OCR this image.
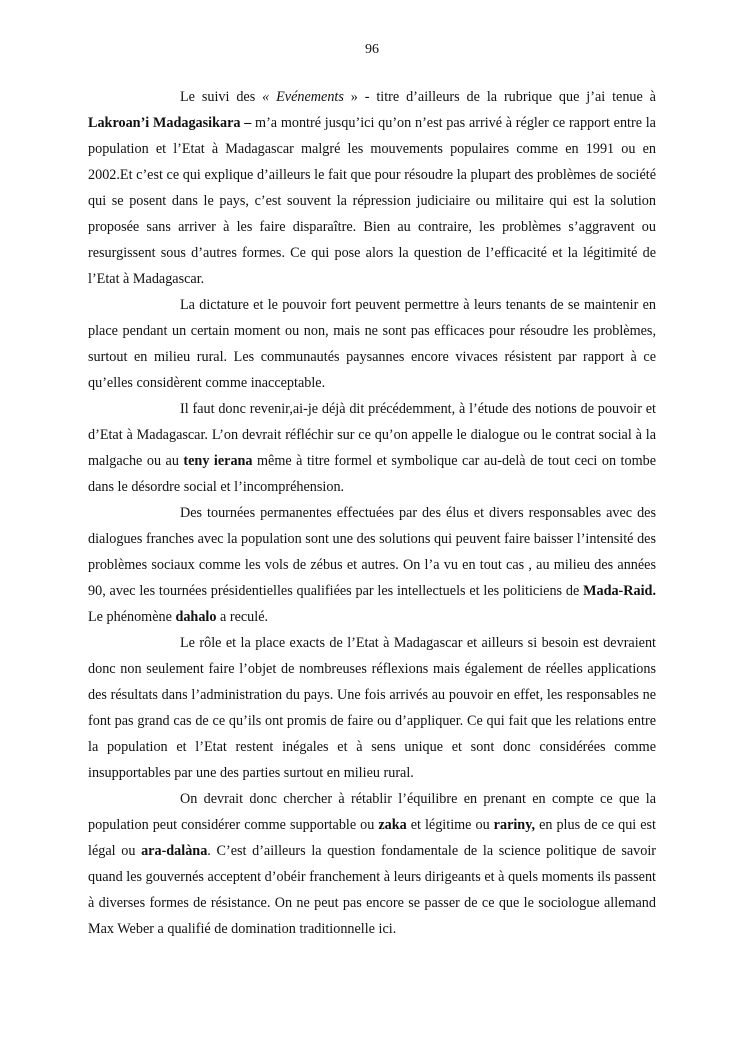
96

Le suivi des « Evénements » - titre d’ailleurs de la rubrique que j’ai tenue à Lakroan’i Madagasikara – m’a montré jusqu’ici qu’on n’est pas arrivé à régler ce rapport entre la population et l’Etat à Madagascar malgré les mouvements populaires comme en 1991 ou en 2002.Et c’est ce qui explique d’ailleurs le fait que pour résoudre la plupart des problèmes de société qui se posent dans le pays, c’est souvent la répression judiciaire ou militaire qui est la solution proposée sans arriver à les faire disparaître. Bien au contraire, les problèmes s’aggravent ou resurgissent sous d’autres formes. Ce qui pose alors la question de l’efficacité et la légitimité de l’Etat à Madagascar.

La dictature et le pouvoir fort peuvent permettre à leurs tenants de se maintenir en place pendant un certain moment ou non, mais ne sont pas efficaces pour résoudre les problèmes, surtout en milieu rural. Les communautés paysannes encore vivaces résistent par rapport à ce qu’elles considèrent comme inacceptable.

Il faut donc revenir,ai-je déjà dit précédemment, à l’étude des notions de pouvoir et d’Etat à Madagascar. L’on devrait réfléchir sur ce qu’on appelle le dialogue ou le contrat social à la malgache ou au teny ierana même à titre formel et symbolique car au-delà de tout ceci on tombe dans le désordre social et l’incompréhension.

Des tournées permanentes effectuées par des élus et divers responsables avec des dialogues franches avec la population sont une des solutions qui peuvent faire baisser l’intensité des problèmes sociaux comme les vols de zébus et autres. On l’a vu en tout cas , au milieu des années 90, avec les tournées présidentielles qualifiées par les intellectuels et les politiciens de Mada-Raid. Le phénomène dahalo a reculé.

Le rôle et la place exacts de l’Etat à Madagascar et ailleurs si besoin est devraient donc non seulement faire l’objet de nombreuses réflexions mais également de réelles applications des résultats dans l’administration du pays. Une fois arrivés au pouvoir en effet, les responsables ne font pas grand cas de ce qu’ils ont promis de faire ou d’appliquer. Ce qui fait que les relations entre la population et l’Etat restent inégales et à sens unique et sont donc considérées comme insupportables par une des parties surtout en milieu rural.

On devrait donc chercher à rétablir l’équilibre en prenant en compte ce que la population peut considérer comme supportable ou zaka et légitime ou rariny, en plus de ce qui est légal ou ara-dalàna. C’est d’ailleurs la question fondamentale de la science politique de savoir quand les gouvernés acceptent d’obéir franchement à leurs dirigeants et à quels moments ils passent à diverses formes de résistance. On ne peut pas encore se passer de ce que le sociologue allemand Max Weber a qualifié de domination traditionnelle ici.
